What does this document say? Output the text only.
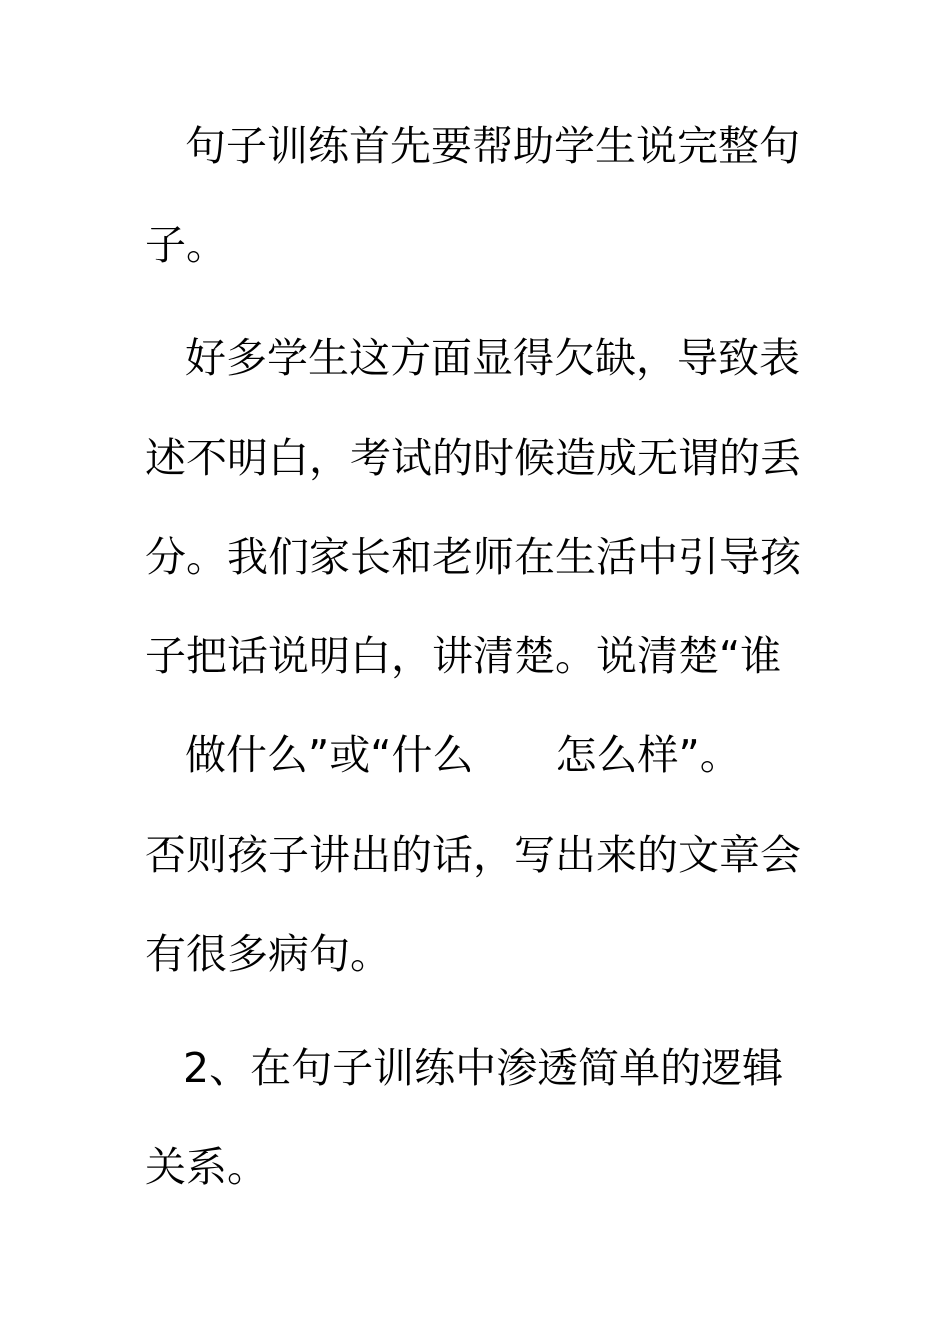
句子训练首先要帮助学生说完整句
子。
好多学生这方面显得欠缺，导致表
述不明白，考试的时候造成无谓的丢
分。我们家长和老师在生活中引导孩
子把话说明白，讲清楚。说清楚“谁
做什么”或“什么　　怎么样”。
否则孩子讲出的话，写出来的文章会
有很多病句。
2、在句子训练中渗透简单的逻辑
关系。
